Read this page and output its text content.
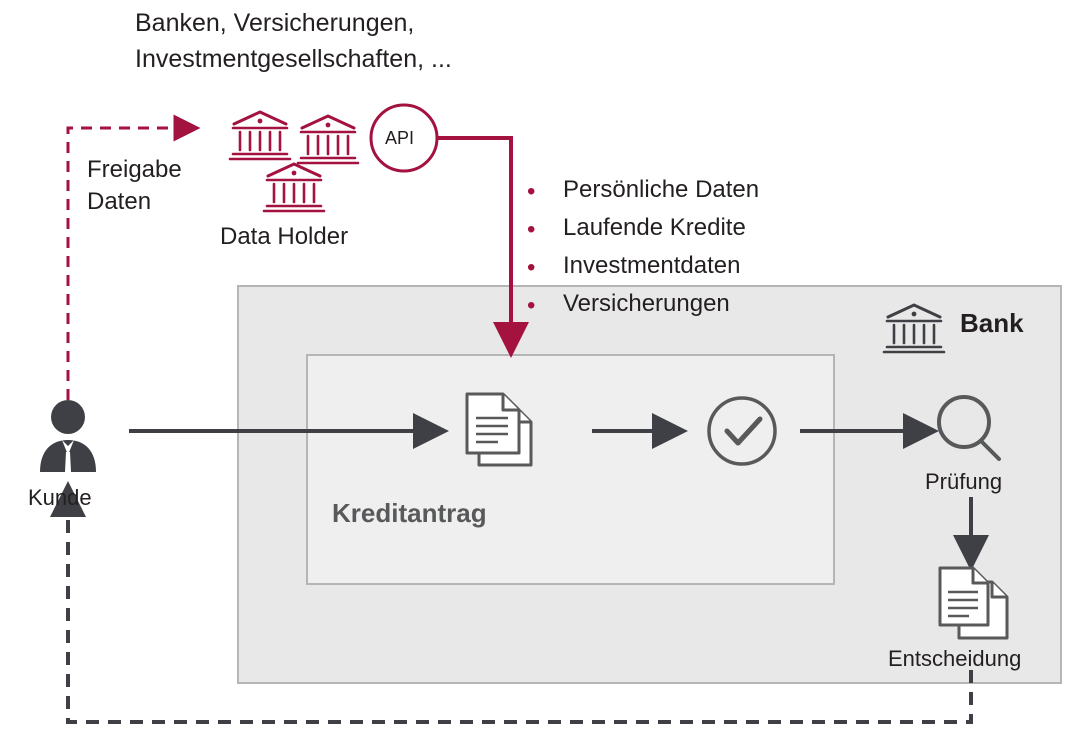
Banken, Versicherungen,
Investmentgesellschaften, ...
Freigabe
Daten
Data Holder
API
• Persönliche Daten
• Laufende Kredite
• Investmentdaten
• Versicherungen
Bank
Kreditantrag
Prüfung
Entscheidung
Kunde
